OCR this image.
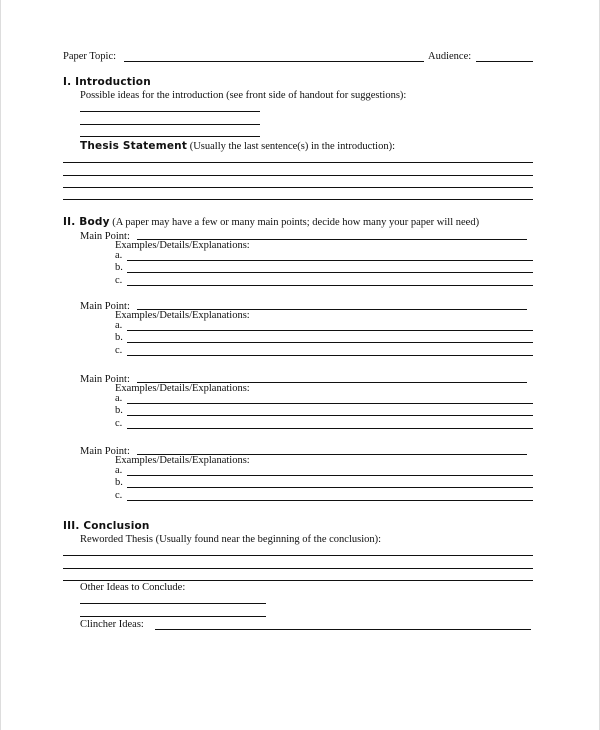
Paper Topic:	Audience:
I. Introduction
Possible ideas for the introduction (see front side of handout for suggestions):
Thesis Statement (Usually the last sentence(s) in the introduction):
II. Body (A paper may have a few or many main points; decide how many your paper will need)
Main Point:
Examples/Details/Explanations:
a.
b.
c.
Main Point:
Examples/Details/Explanations:
a.
b.
c.
Main Point:
Examples/Details/Explanations:
a.
b.
c.
Main Point:
Examples/Details/Explanations:
a.
b.
c.
III. Conclusion
Reworded Thesis (Usually found near the beginning of the conclusion):
Other Ideas to Conclude:
Clincher Ideas:
